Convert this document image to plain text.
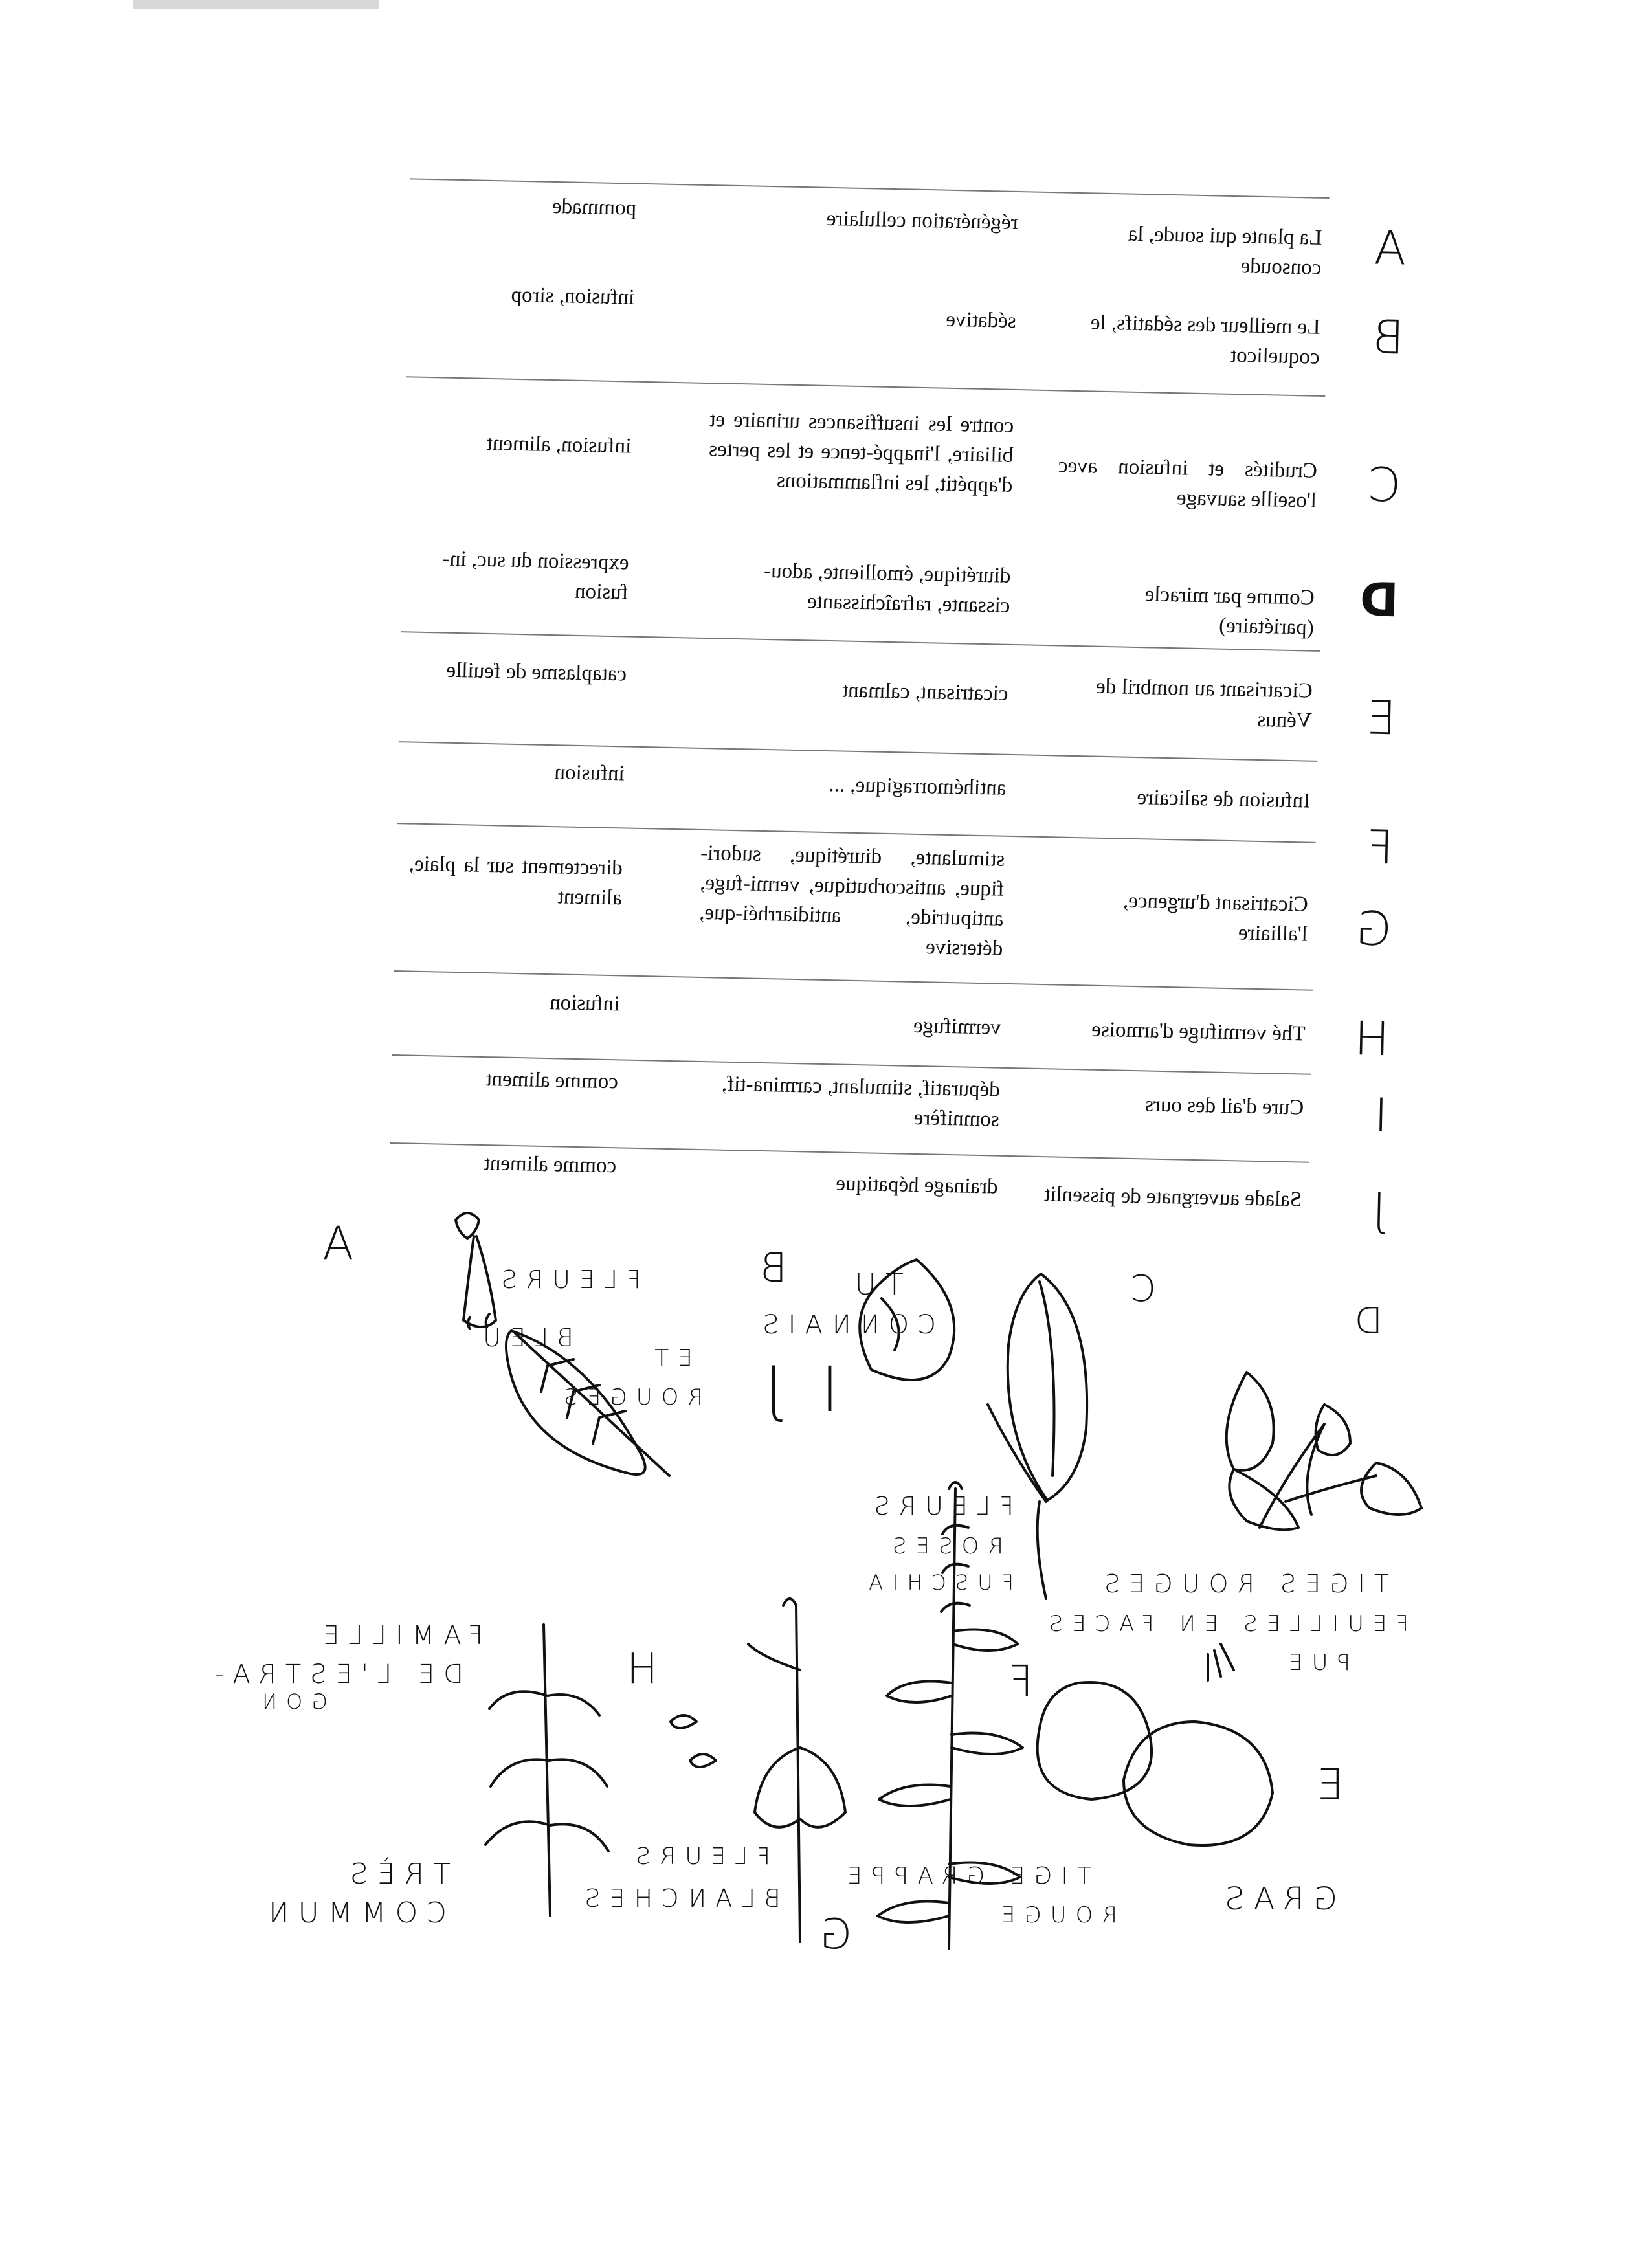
A
La plante qui soude, la consoude
régénération cellulaire
pommade
B
Le meilleur des sédatifs, le coquelicot
sédative
infusion, sirop
C
Crudités et infusion avec l'oseille sauvage
contre les insuffisances urinaire et biliaire, l'inappé-tence et les pertes d'appétit, les inflammations
infusion, aliment
D
Comme par miracle (pariétaire)
diurétique, émolliente, adou-cissante, rafraîchissante
expression du suc, in-fusion
E
Cicatrisant au nombril de Vénus
cicatrisant, calmant
cataplasme de feuille
F
Infusion de salicaire
antihémorragique, ...
infusion
G
Cicatrisant d'urgence, l'alliaire
stimulante, diurétique, sudori-fique, antiscorbutique, vermi-fuge, antiputride, antidiarrhéi-que, détersive
directement sur la plaie, aliment
H
Thé vermifuge d'armoise
vermifuge
infusion
I
Cure d'ail des ours
dépuratif, stimulant, carmina-tif, somnifère
comme aliment
J
Salade auvergnate de pissenlit
drainage hépatique
comme aliment
A	B
FLEURS
BLEU
ET
ROUGES
TU
CONNAIS
I J
C
D
TIGES ROUGES
FEUILLES EN FACES
PUE
FLEURS
ROSES
FUSCHIA
F
E
GRAS
TIGE GRAPPE
ROUGE
G
FLEURS
BLANCHES
H
FAMILLE
DE L'ESTRA-
GON
TRÈS
COMMUN
